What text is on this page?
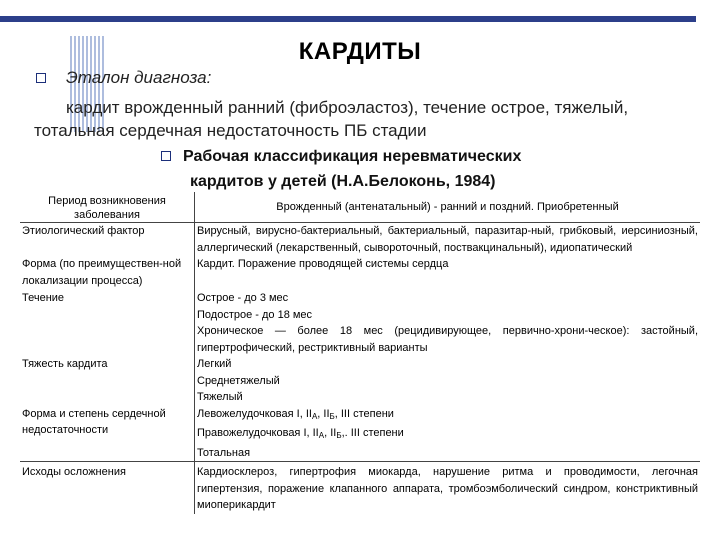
КАРДИТЫ
Эталон диагноза:
кардит врожденный ранний (фиброэластоз), течение острое, тяжелый,
тотальная сердечная недостаточность ПБ стадии
Рабочая классификация неревматических
кардитов у детей (Н.А.Белоконь, 1984)
Период возникновения заболевания	Врожденный (антенатальный) - ранний и поздний. Приобретенный
Этиологический фактор	Вирусный, вирусно-бактериальный, бактериальный, паразитар-ный, грибковый, иерсиниозный, аллергический (лекарственный, сывороточный, поствакцинальный), идиопатический
Форма (по преимуществен-ной локализации процесса)	Кардит. Поражение проводящей системы сердца
Течение	Острое - до 3 мес
Подострое - до 18 мес
Хроническое — более 18 мес (рецидивирующее, первично-хрони-ческое): застойный, гипертрофический, рестриктивный варианты

Тяжесть кардита	Легкий
Среднетяжелый
Тяжелый

Форма и степень сердечной недостаточности	Левожелудочковая I, $II_А$, $II_Б$, III степени
Правожелудочковая I, $II_А$, $II_Б$,. III степени
Тотальная

Исходы осложнения	Кардиосклероз, гипертрофия миокарда, нарушение ритма и проводимости, легочная гипертензия, поражение клапанного аппарата, тромбоэмболический синдром, констриктивный миоперикардит
